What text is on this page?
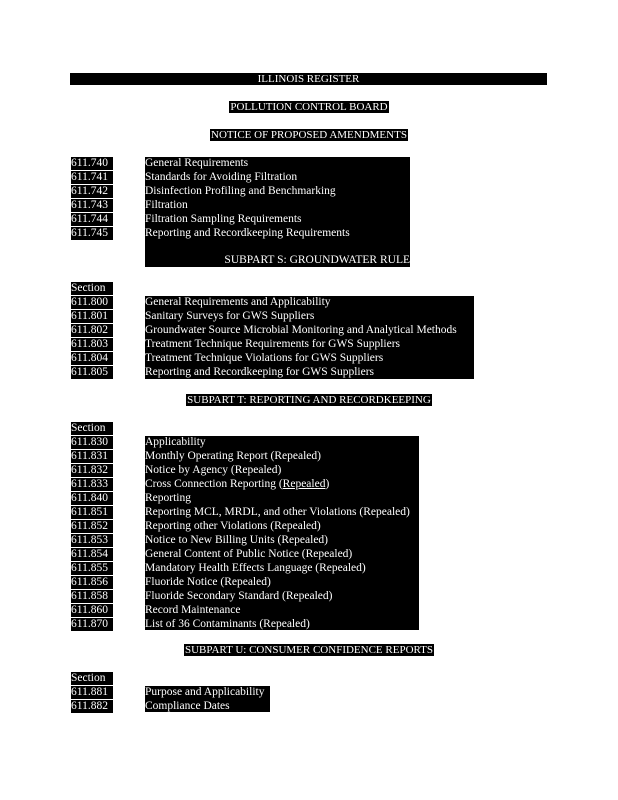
ILLINOIS REGISTER
POLLUTION CONTROL BOARD
NOTICE OF PROPOSED AMENDMENTS
611.740	General Requirements
611.741	Standards for Avoiding Filtration
611.742	Disinfection Profiling and Benchmarking
611.743	Filtration
611.744	Filtration Sampling Requirements
611.745	Reporting and Recordkeeping Requirements
SUBPART S: GROUNDWATER RULE
Section
611.800	General Requirements and Applicability
611.801	Sanitary Surveys for GWS Suppliers
611.802	Groundwater Source Microbial Monitoring and Analytical Methods
611.803	Treatment Technique Requirements for GWS Suppliers
611.804	Treatment Technique Violations for GWS Suppliers
611.805	Reporting and Recordkeeping for GWS Suppliers
SUBPART T: REPORTING AND RECORDKEEPING
Section
611.830	Applicability
611.831	Monthly Operating Report (Repealed)
611.832	Notice by Agency (Repealed)
611.833	Cross Connection Reporting (Repealed)
611.840	Reporting
611.851	Reporting MCL, MRDL, and other Violations (Repealed)
611.852	Reporting other Violations (Repealed)
611.853	Notice to New Billing Units (Repealed)
611.854	General Content of Public Notice (Repealed)
611.855	Mandatory Health Effects Language (Repealed)
611.856	Fluoride Notice (Repealed)
611.858	Fluoride Secondary Standard (Repealed)
611.860	Record Maintenance
611.870	List of 36 Contaminants (Repealed)
SUBPART U: CONSUMER CONFIDENCE REPORTS
Section
611.881	Purpose and Applicability
611.882	Compliance Dates
